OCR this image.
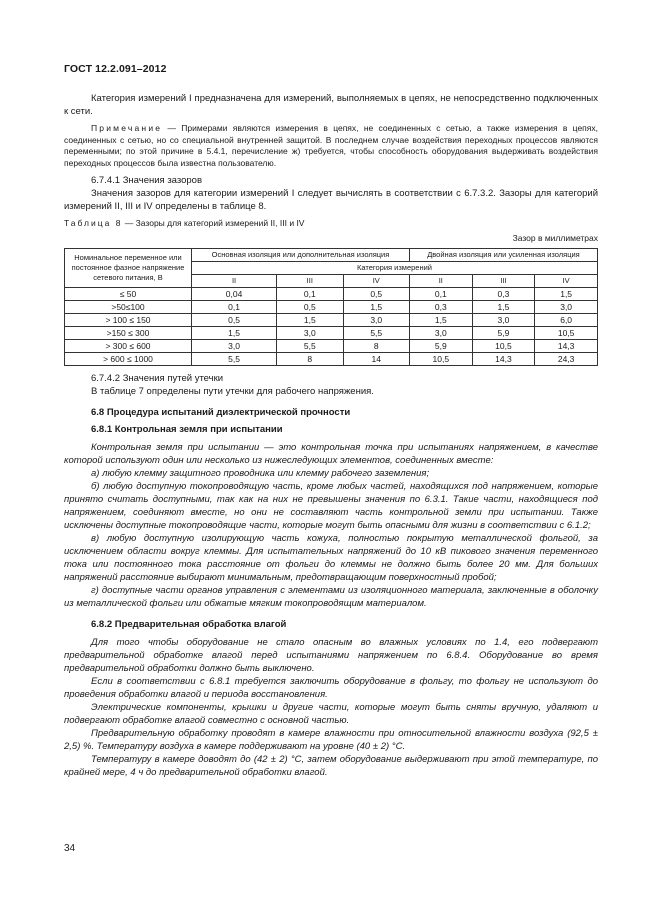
ГОСТ 12.2.091–2012

Категория измерений I предназначена для измерений, выполняемых в цепях, не непосредственно подключенных к сети.

Примечание — Примерами являются измерения в цепях, не соединенных с сетью, а также измерения в цепях, соединенных с сетью, но со специальной внутренней защитой. В последнем случае воздействия переходных процессов являются переменными; по этой причине в 5.4.1, перечисление ж) требуется, чтобы способность оборудования выдерживать воздействия переходных процессов была известна пользователю.

6.7.4.1 Значения зазоров

Значения зазоров для категории измерений I следует вычислять в соответствии с 6.7.3.2. Зазоры для категорий измерений II, III и IV определены в таблице 8.

Таблица 8 — Зазоры для категорий измерений II, III и IV
Зазор в миллиметрах
Номинальное переменное или постоянное фазное напряжение сетевого питания, В	Основная изоляция или дополнительная изоляция			Двойная изоляция или усиленная изоляция		
	Категория измерений					
	II	III	IV	II	III	IV
≤ 50	0,04	0,1	0,5	0,1	0,3	1,5
>50≤100	0,1	0,5	1,5	0,3	1,5	3,0
> 100 ≤ 150	0,5	1,5	3,0	1,5	3,0	6,0
>150 ≤ 300	1,5	3,0	5,5	3,0	5,9	10,5
> 300 ≤ 600	3,0	5,5	8	5,9	10,5	14,3
> 600 ≤ 1000	5,5	8	14	10,5	14,3	24,3

6.7.4.2 Значения путей утечки

В таблице 7 определены пути утечки для рабочего напряжения.

6.8 Процедура испытаний диэлектрической прочности

6.8.1 Контрольная земля при испытании

Контрольная земля при испытании — это контрольная точка при испытаниях напряжением, в качестве которой используют один или несколько из нижеследующих элементов, соединенных вместе:

а) любую клемму защитного проводника или клемму рабочего заземления;

б) любую доступную токопроводящую часть, кроме любых частей, находящихся под напряжением, которые принято считать доступными, так как на них не превышены значения по 6.3.1. Такие части, находящиеся под напряжением, соединяют вместе, но они не составляют часть контрольной земли при испытании. Также исключены доступные токопроводящие части, которые могут быть опасными для жизни в соответствии с 6.1.2;

в) любую доступную изолирующую часть кожуха, полностью покрытую металлической фольгой, за исключением области вокруг клеммы. Для испытательных напряжений до 10 кВ пикового значения переменного тока или постоянного тока расстояние от фольги до клеммы не должно быть более 20 мм. Для больших напряжений расстояние выбирают минимальным, предотвращающим поверхностный пробой;

г) доступные части органов управления с элементами из изоляционного материала, заключенные в оболочку из металлической фольги или обжатые мягким токопроводящим материалом.

6.8.2 Предварительная обработка влагой

Для того чтобы оборудование не стало опасным во влажных условиях по 1.4, его подвергают предварительной обработке влагой перед испытаниями напряжением по 6.8.4. Оборудование во время предварительной обработки должно быть выключено.

Если в соответствии с 6.8.1 требуется заключить оборудование в фольгу, то фольгу не используют до проведения обработки влагой и периода восстановления.

Электрические компоненты, крышки и другие части, которые могут быть сняты вручную, удаляют и подвергают обработке влагой совместно с основной частью.

Предварительную обработку проводят в камере влажности при относительной влажности воздуха (92,5 ± 2,5) %. Температуру воздуха в камере поддерживают на уровне (40 ± 2) °С.

Температуру в камере доводят до (42 ± 2) °С, затем оборудование выдерживают при этой температуре, по крайней мере, 4 ч до предварительной обработки влагой.

34
